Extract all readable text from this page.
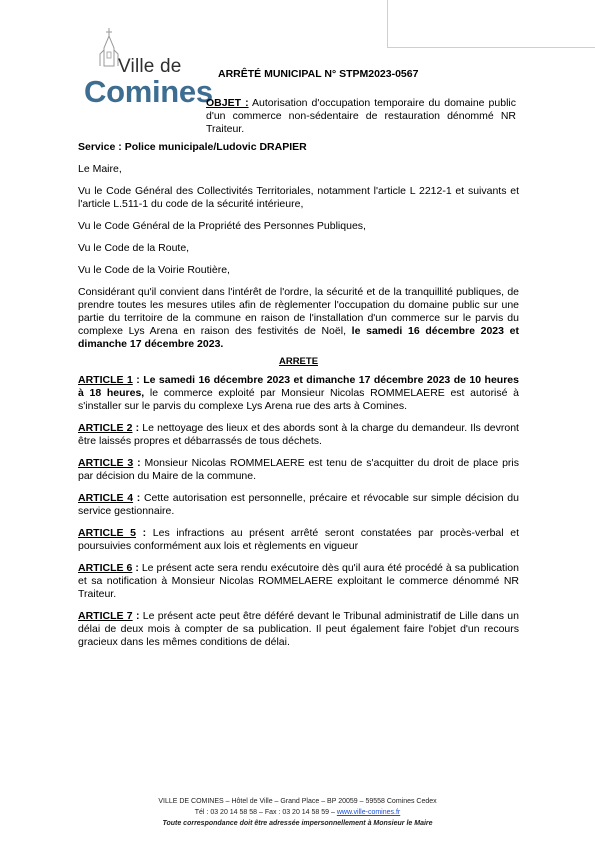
Ville de
Comines ARRÊTÉ MUNICIPAL N° STPM2023-0567
OBJET : Autorisation d'occupation temporaire du domaine public d'un commerce non-sédentaire de restauration dénommé NR Traiteur.

Service : Police municipale/Ludovic DRAPIER

Le Maire,

Vu le Code Général des Collectivités Territoriales, notamment l'article L 2212-1 et suivants et l'article L.511-1 du code de la sécurité intérieure,

Vu le Code Général de la Propriété des Personnes Publiques,

Vu le Code de la Route,

Vu le Code de la Voirie Routière,

Considérant qu'il convient dans l'intérêt de l'ordre, la sécurité et de la tranquillité publiques, de prendre toutes les mesures utiles afin de règlementer l'occupation du domaine public sur une partie du territoire de la commune en raison de l'installation d'un commerce sur le parvis du complexe Lys Arena en raison des festivités de Noël, le samedi 16 décembre 2023 et dimanche 17 décembre 2023.

ARRETE

ARTICLE 1 : Le samedi 16 décembre 2023 et dimanche 17 décembre 2023 de 10 heures à 18 heures, le commerce exploité par Monsieur Nicolas ROMMELAERE est autorisé à s'installer sur le parvis du complexe Lys Arena rue des arts à Comines.

ARTICLE 2 : Le nettoyage des lieux et des abords sont à la charge du demandeur. Ils devront être laissés propres et débarrassés de tous déchets.

ARTICLE 3 : Monsieur Nicolas ROMMELAERE est tenu de s'acquitter du droit de place pris par décision du Maire de la commune.

ARTICLE 4 : Cette autorisation est personnelle, précaire et révocable sur simple décision du service gestionnaire.

ARTICLE 5 : Les infractions au présent arrêté seront constatées par procès-verbal et poursuivies conformément aux lois et règlements en vigueur

ARTICLE 6 : Le présent acte sera rendu exécutoire dès qu'il aura été procédé à sa publication et sa notification à Monsieur Nicolas ROMMELAERE exploitant le commerce dénommé NR Traiteur.

ARTICLE 7 : Le présent acte peut être déféré devant le Tribunal administratif de Lille dans un délai de deux mois à compter de sa publication. Il peut également faire l'objet d'un recours gracieux dans les mêmes conditions de délai.

VILLE DE COMINES – Hôtel de Ville – Grand Place – BP 20059 – 59558 Comines Cedex
Tél : 03 20 14 58 58 – Fax : 03 20 14 58 59 – www.ville-comines.fr
Toute correspondance doit être adressée impersonnellement à Monsieur le Maire
